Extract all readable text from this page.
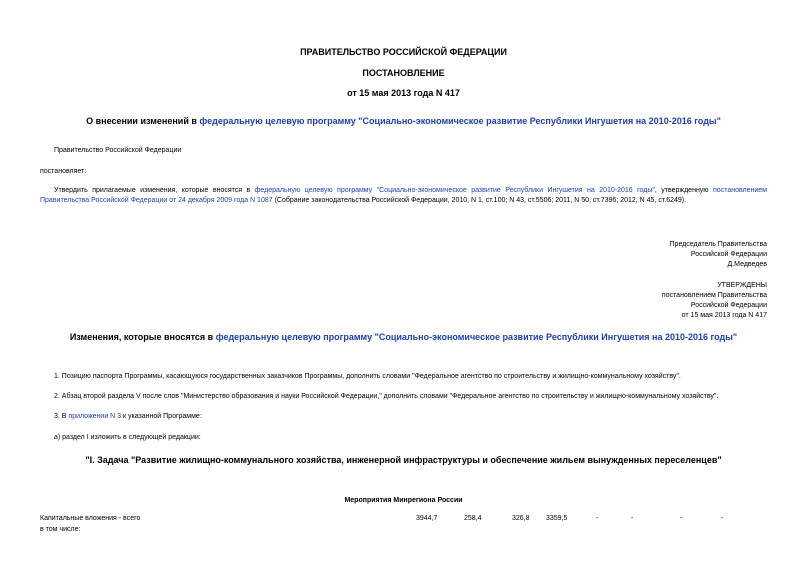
ПРАВИТЕЛЬСТВО РОССИЙСКОЙ ФЕДЕРАЦИИ
ПОСТАНОВЛЕНИЕ
от 15 мая 2013 года N 417
О внесении изменений в федеральную целевую программу "Социально-экономическое развитие Республики Ингушетия на 2010-2016 годы"
Правительство Российской Федерации
постановляет:
Утвердить прилагаемые изменения, которые вносятся в федеральную целевую программу "Социально-экономическое развитие Республики Ингушетия на 2010-2016 годы", утвержденную постановлением Правительства Российской Федерации от 24 декабря 2009 года N 1087 (Собрание законодательства Российской Федерации, 2010, N 1, ст.100; N 43, ст.5506; 2011, N 50, ст.7396; 2012, N 45, ст.6249).
Председатель Правительства
Российской Федерации
Д.Медведев
УТВЕРЖДЕНЫ
постановлением Правительства
Российской Федерации
от 15 мая 2013 года N 417
Изменения, которые вносятся в федеральную целевую программу "Социально-экономическое развитие Республики Ингушетия на 2010-2016 годы"
1. Позицию паспорта Программы, касающуюся государственных заказчиков Программы, дополнить словами "Федеральное агентство по строительству и жилищно-коммунальному хозяйству".
2. Абзац второй раздела V после слов "Министерство образования и науки Российской Федерации," дополнить словами "Федеральное агентство по строительству и жилищно-коммунальному хозяйству".
3. В приложении N 3 к указанной Программе:
а) раздел I изложить в следующей редакции:
"I. Задача "Развитие жилищно-коммунального хозяйства, инженерной инфраструктуры и обеспечение жильем вынужденных переселенцев"
Мероприятия Минрегиона России
Капитальные вложения - всего	3944,7	258,4	326,8 3359,5	-	-	-	-
в том числе:
